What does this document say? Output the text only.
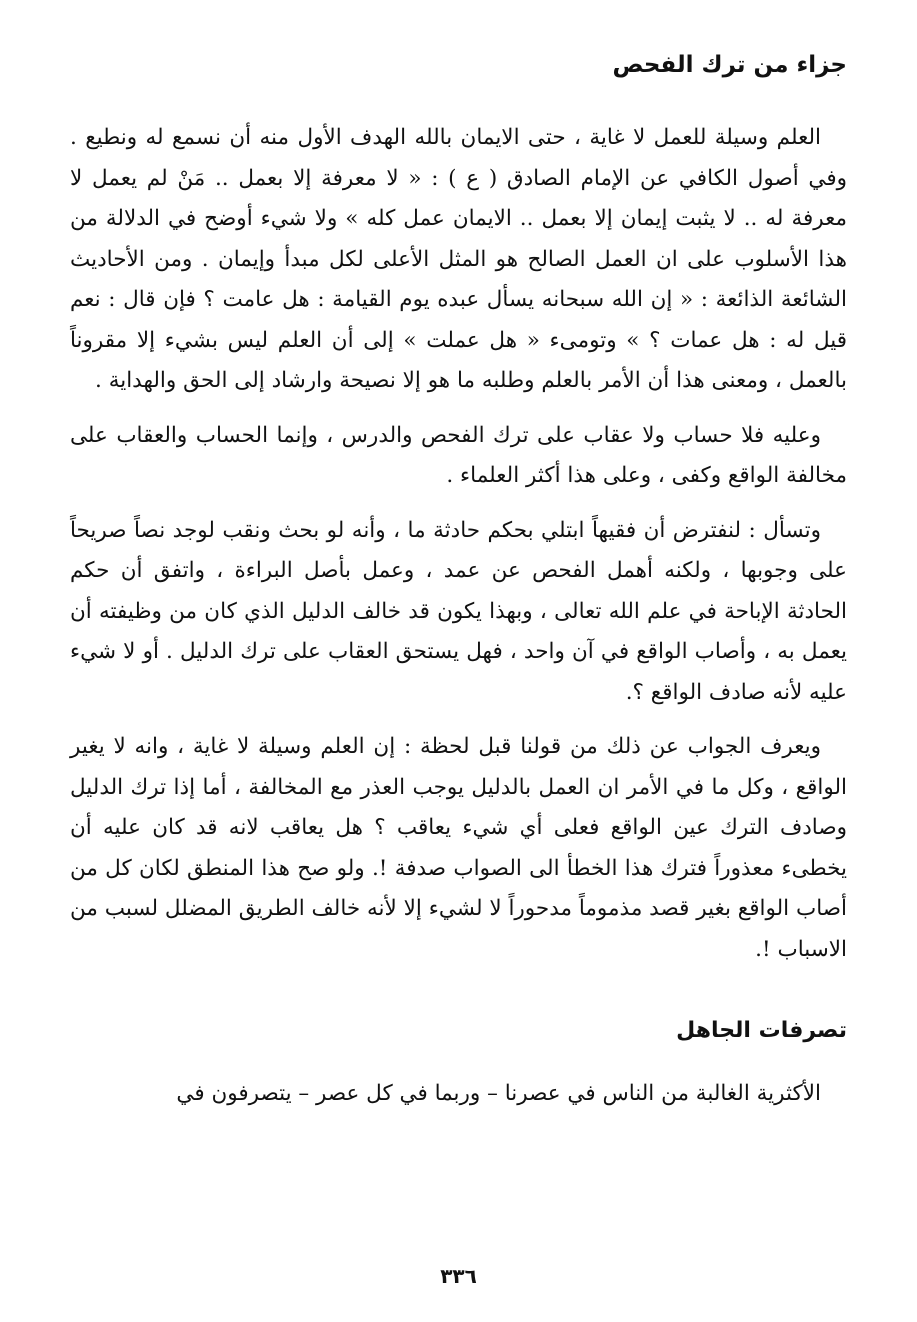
جزاء من ترك الفحص

العلم وسيلة للعمل لا غاية ، حتى الايمان بالله الهدف الأول منه أن نسمع له ونطيع . وفي أصول الكافي عن الإمام الصادق ( ع ) : « لا معرفة إلا بعمل .. مَنْ لم يعمل لا معرفة له .. لا يثبت إيمان إلا بعمل .. الايمان عمل كله » ولا شيء أوضح في الدلالة من هذا الأسلوب على ان العمل الصالح هو المثل الأعلى لكل مبدأ وإيمان . ومن الأحاديث الشائعة الذائعة : « إن الله سبحانه يسأل عبده يوم القيامة : هل عامت ؟ فإن قال : نعم قيل له : هل عمات ؟ » وتومىء « هل عملت » إلى أن العلم ليس بشيء إلا مقروناً بالعمل ، ومعنى هذا أن الأمر بالعلم وطلبه ما هو إلا نصيحة وارشاد إلى الحق والهداية .

وعليه فلا حساب ولا عقاب على ترك الفحص والدرس ، وإنما الحساب والعقاب على مخالفة الواقع وكفى ، وعلى هذا أكثر العلماء .

وتسأل : لنفترض أن فقيهاً ابتلي بحكم حادثة ما ، وأنه لو بحث ونقب لوجد نصاً صريحاً على وجوبها ، ولكنه أهمل الفحص عن عمد ، وعمل بأصل البراءة ، واتفق أن حكم الحادثة الإباحة في علم الله تعالى ، وبهذا يكون قد خالف الدليل الذي كان من وظيفته أن يعمل به ، وأصاب الواقع في آن واحد ، فهل يستحق العقاب على ترك الدليل . أو لا شيء عليه لأنه صادف الواقع ؟.

ويعرف الجواب عن ذلك من قولنا قبل لحظة : إن العلم وسيلة لا غاية ، وانه لا يغير الواقع ، وكل ما في الأمر ان العمل بالدليل يوجب العذر مع المخالفة ، أما إذا ترك الدليل وصادف الترك عين الواقع فعلى أي شيء يعاقب ؟ هل يعاقب لانه قد كان عليه أن يخطىء معذوراً فترك هذا الخطأ الى الصواب صدفة !. ولو صح هذا المنطق لكان كل من أصاب الواقع بغير قصد مذموماً مدحوراً لا لشيء إلا لأنه خالف الطريق المضلل لسبب من الاسباب !.

تصرفات الجاهل

الأكثرية الغالبة من الناس في عصرنا – وربما في كل عصر – يتصرفون في

٣٣٦
